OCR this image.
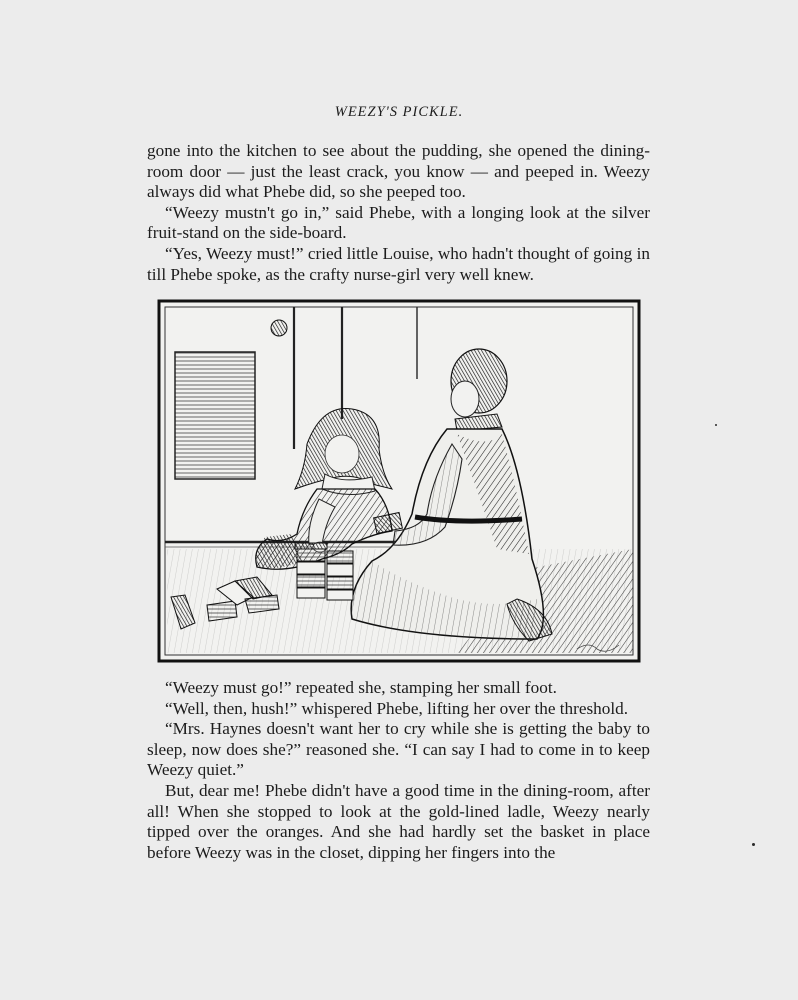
WEEZY'S PICKLE.

gone into the kitchen to see about the pudding, she opened the dining-room door — just the least crack, you know — and peeped in. Weezy always did what Phebe did, so she peeped too.

“Weezy mustn't go in,” said Phebe, with a longing look at the silver fruit-stand on the side-board.

“Yes, Weezy must!” cried little Louise, who hadn't thought of going in till Phebe spoke, as the crafty nurse-girl very well knew.

“Weezy must go!” repeated she, stamping her small foot.

“Well, then, hush!” whispered Phebe, lifting her over the threshold.

“Mrs. Haynes doesn't want her to cry while she is getting the baby to sleep, now does she?” reasoned she. “I can say I had to come in to keep Weezy quiet.”

But, dear me! Phebe didn't have a good time in the dining-room, after all! When she stopped to look at the gold-lined ladle, Weezy nearly tipped over the oranges. And she had hardly set the basket in place before Weezy was in the closet, dipping her fingers into the
